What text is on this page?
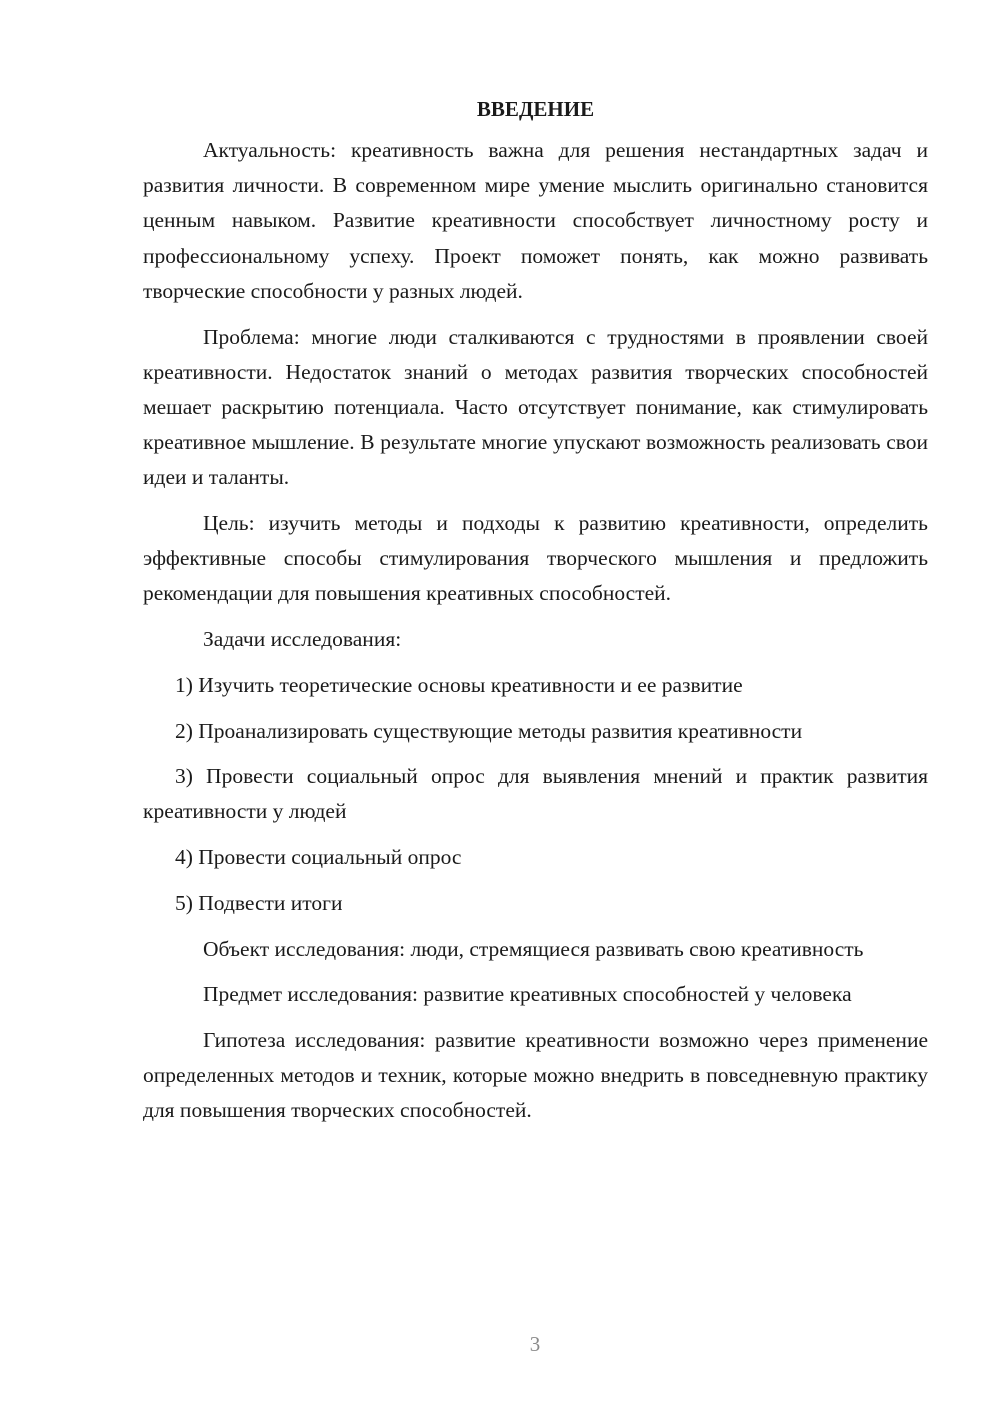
ВВЕДЕНИЕ

Актуальность: креативность важна для решения нестандартных задач и развития личности. В современном мире умение мыслить оригинально становится ценным навыком. Развитие креативности способствует личностному росту и профессиональному успеху. Проект поможет понять, как можно развивать творческие способности у разных людей.

Проблема: многие люди сталкиваются с трудностями в проявлении своей креативности. Недостаток знаний о методах развития творческих способностей мешает раскрытию потенциала. Часто отсутствует понимание, как стимулировать креативное мышление. В результате многие упускают возможность реализовать свои идеи и таланты.

Цель: изучить методы и подходы к развитию креативности, определить эффективные способы стимулирования творческого мышления и предложить рекомендации для повышения креативных способностей.

Задачи исследования:

1) Изучить теоретические основы креативности и ее развитие

2) Проанализировать существующие методы развития креативности

3) Провести социальный опрос для выявления мнений и практик развития креативности у людей

4) Провести социальный опрос

5) Подвести итоги

Объект исследования: люди, стремящиеся развивать свою креативность

Предмет исследования: развитие креативных способностей у человека

Гипотеза исследования: развитие креативности возможно через применение определенных методов и техник, которые можно внедрить в повседневную практику для повышения творческих способностей.

3
